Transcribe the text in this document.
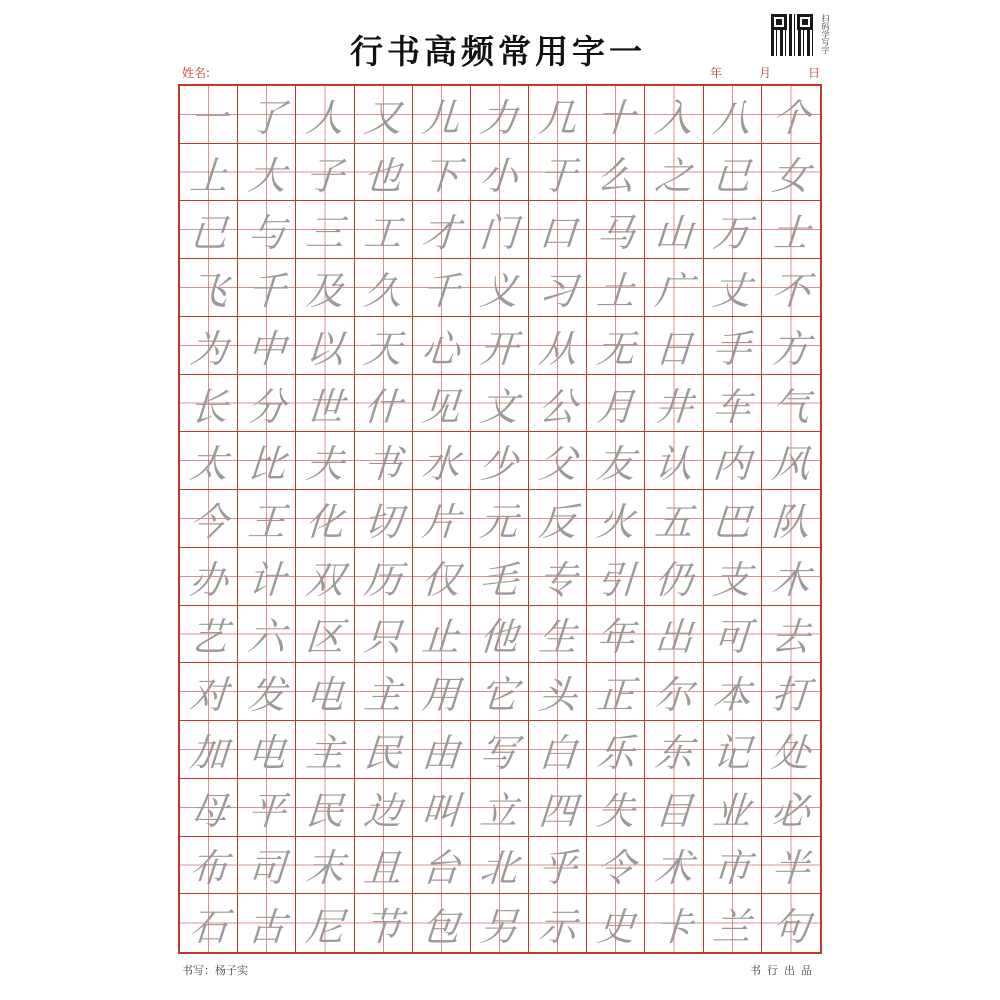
行书高频常用字一	扫码学写字
姓名:	年	月	日
一 了 人 又 儿 力 几 十 入 八 个
上 大 子 也 下 小 于 么 之 已 女
已 与 三 工 才 门 口 马 山 万 士
飞 千 及 久 千 义 习 土 广 丈 不
为 中 以 天 心 开 从 无 日 手 方
长 分 世 什 见 文 公 月 井 车 气
太 比 夫 书 水 少 父 友 认 内 风
今 王 化 切 片 元 反 火 五 巴 队
办 计 双 历 仅 毛 专 引 仍 支 木
艺 六 区 只 止 他 生 年 出 可 去
对 发 电 主 用 它 头 正 尔 本 打
加 电 主 民 由 写 白 乐 东 记 处
母 平 民 边 叫 立 四 失 目 业 必
布 司 末 且 台 北 乎 令 术 市 半
石 古 尼 节 包 另 示 史 卡 兰 句
书写：杨子实	书行出品
